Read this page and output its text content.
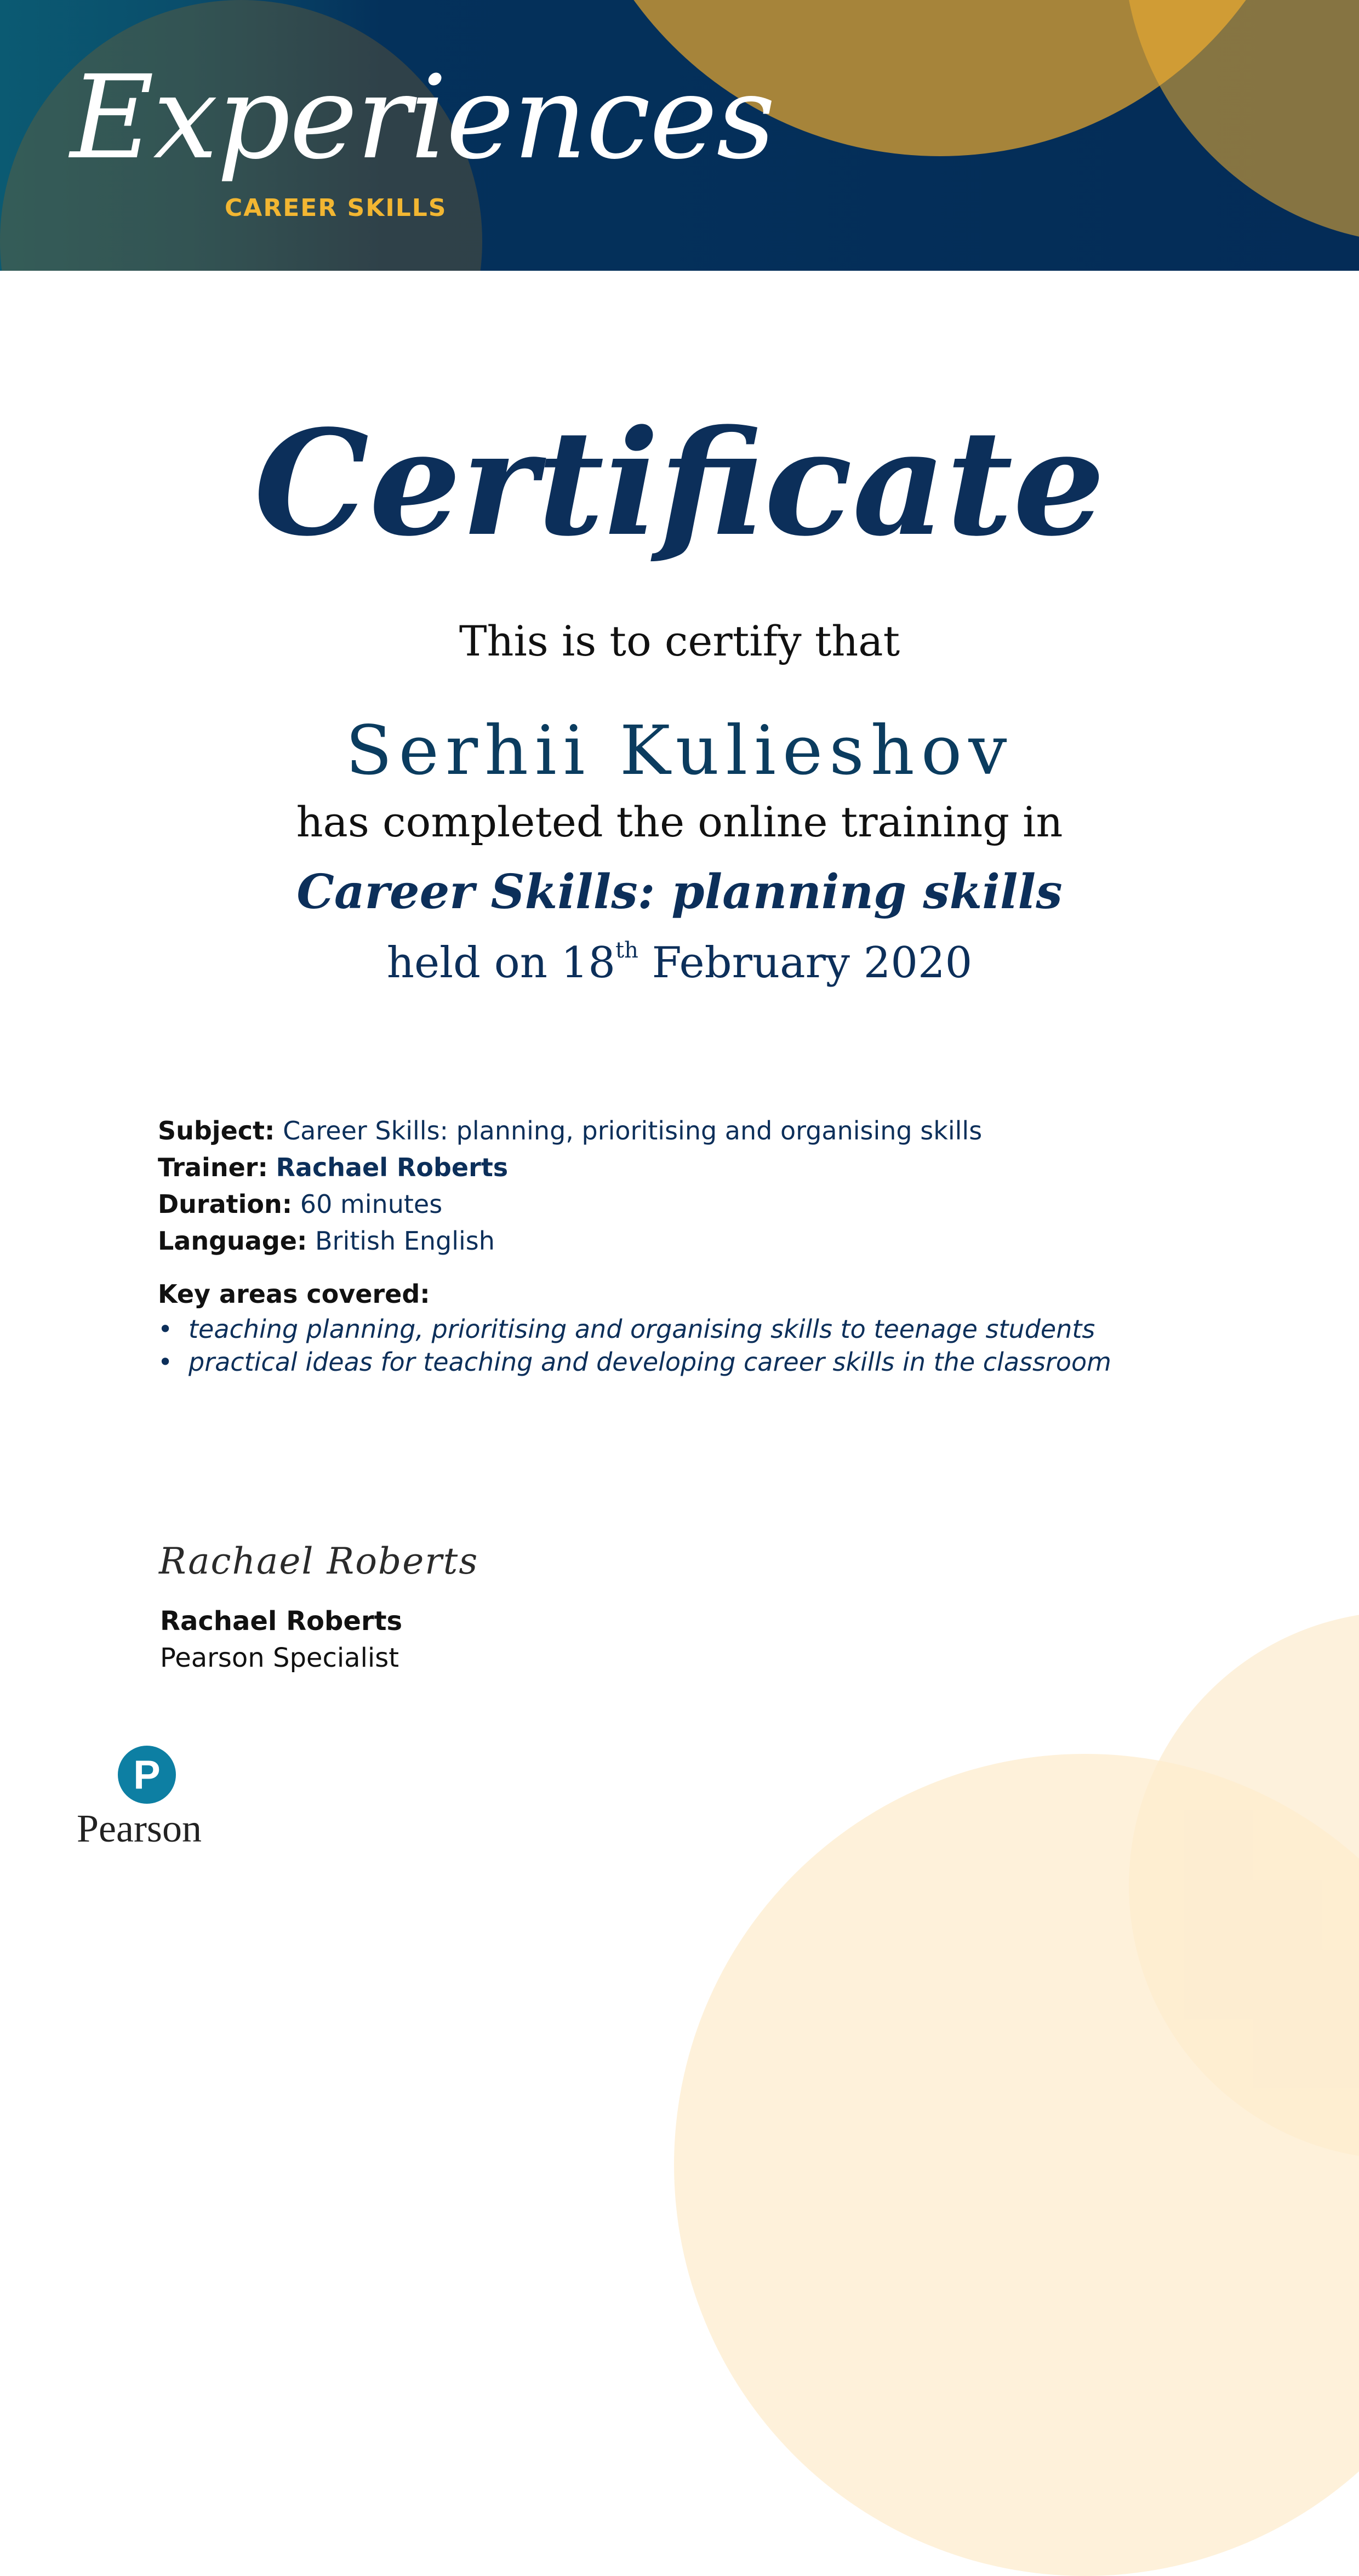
Experiences
CAREER SKILLS
Certificate
This is to certify that
Serhii Kulieshov
has completed the online training in
Career Skills: planning skills
held on 18th February 2020
Subject: Career Skills: planning, prioritising and organising skills
Trainer: Rachael Roberts
Duration: 60 minutes
Language: British English
Key areas covered:
• teaching planning, prioritising and organising skills to teenage students
• practical ideas for teaching and developing career skills in the classroom
Rachael Roberts
Rachael Roberts
Pearson Specialist
P
Pearson
